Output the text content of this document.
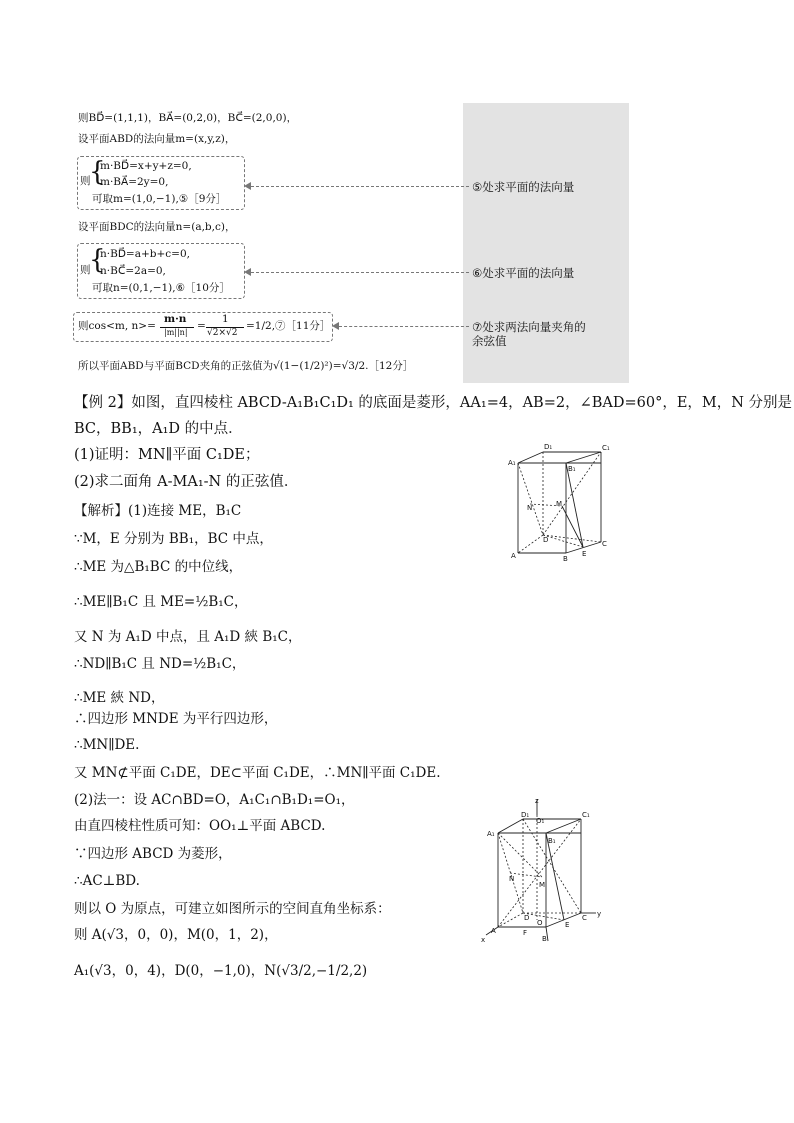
则BD⃗=(1,1,1)，BA⃗=(0,2,0)，BC⃗=(2,0,0)，
设平面ABD的法向量m=(x,y,z)，
则
{
m·BD⃗=x+y+z=0,
m·BA⃗=2y=0,
可取m=(1,0,−1),⑤［9分］
设平面BDC的法向量n=(a,b,c)，
则
{
n·BD⃗=a+b+c=0,
n·BC⃗=2a=0,
可取n=(0,1,−1),⑥［10分］
则cos<m, n>=
m·n
|m||n|
=
1
√2×√2
=1/2,⑦［11分］
所以平面ABD与平面BCD夹角的正弦值为√(1−(1/2)²)=√3/2.［12分］
⑤处求平面的法向量
⑥处求平面的法向量
⑦处求两法向量夹角的
余弦值
【例 2】如图，直四棱柱 ABCD-A₁B₁C₁D₁ 的底面是菱形，AA₁=4，AB=2，∠BAD=60°，E，M，N 分别是
BC，BB₁，A₁D 的中点．
(1)证明：MN∥平面 C₁DE；
(2)求二面角 A-MA₁-N 的正弦值．
【解析】(1)连接 ME，B₁C
∵M，E 分别为 BB₁，BC 中点，
∴ME 为△B₁BC 的中位线，
∴ME∥B₁C 且 ME=½B₁C，
又 N 为 A₁D 中点，且 A₁D 綊 B₁C，
∴ND∥B₁C 且 ND=½B₁C，
∴ME 綊 ND，
∴四边形 MNDE 为平行四边形，
∴MN∥DE.
又 MN⊄平面 C₁DE，DE⊂平面 C₁DE，∴MN∥平面 C₁DE.
(2)法一：设 AC∩BD=O，A₁C₁∩B₁D₁=O₁，
由直四棱柱性质可知：OO₁⊥平面 ABCD.
∵四边形 ABCD 为菱形，
∴AC⊥BD.
则以 O 为原点，可建立如图所示的空间直角坐标系：
则 A(√3，0，0)，M(0，1，2)，
A₁(√3，0，4)，D(0，−1,0)，N(√3/2,−1/2,2)
D₁	C₁
A₁
B₁
M
N
D
A	B
E
C
z
D₁
O₁
C₁
A₁
B₁
N
M
D
O
A
x
F
B
E
C y
